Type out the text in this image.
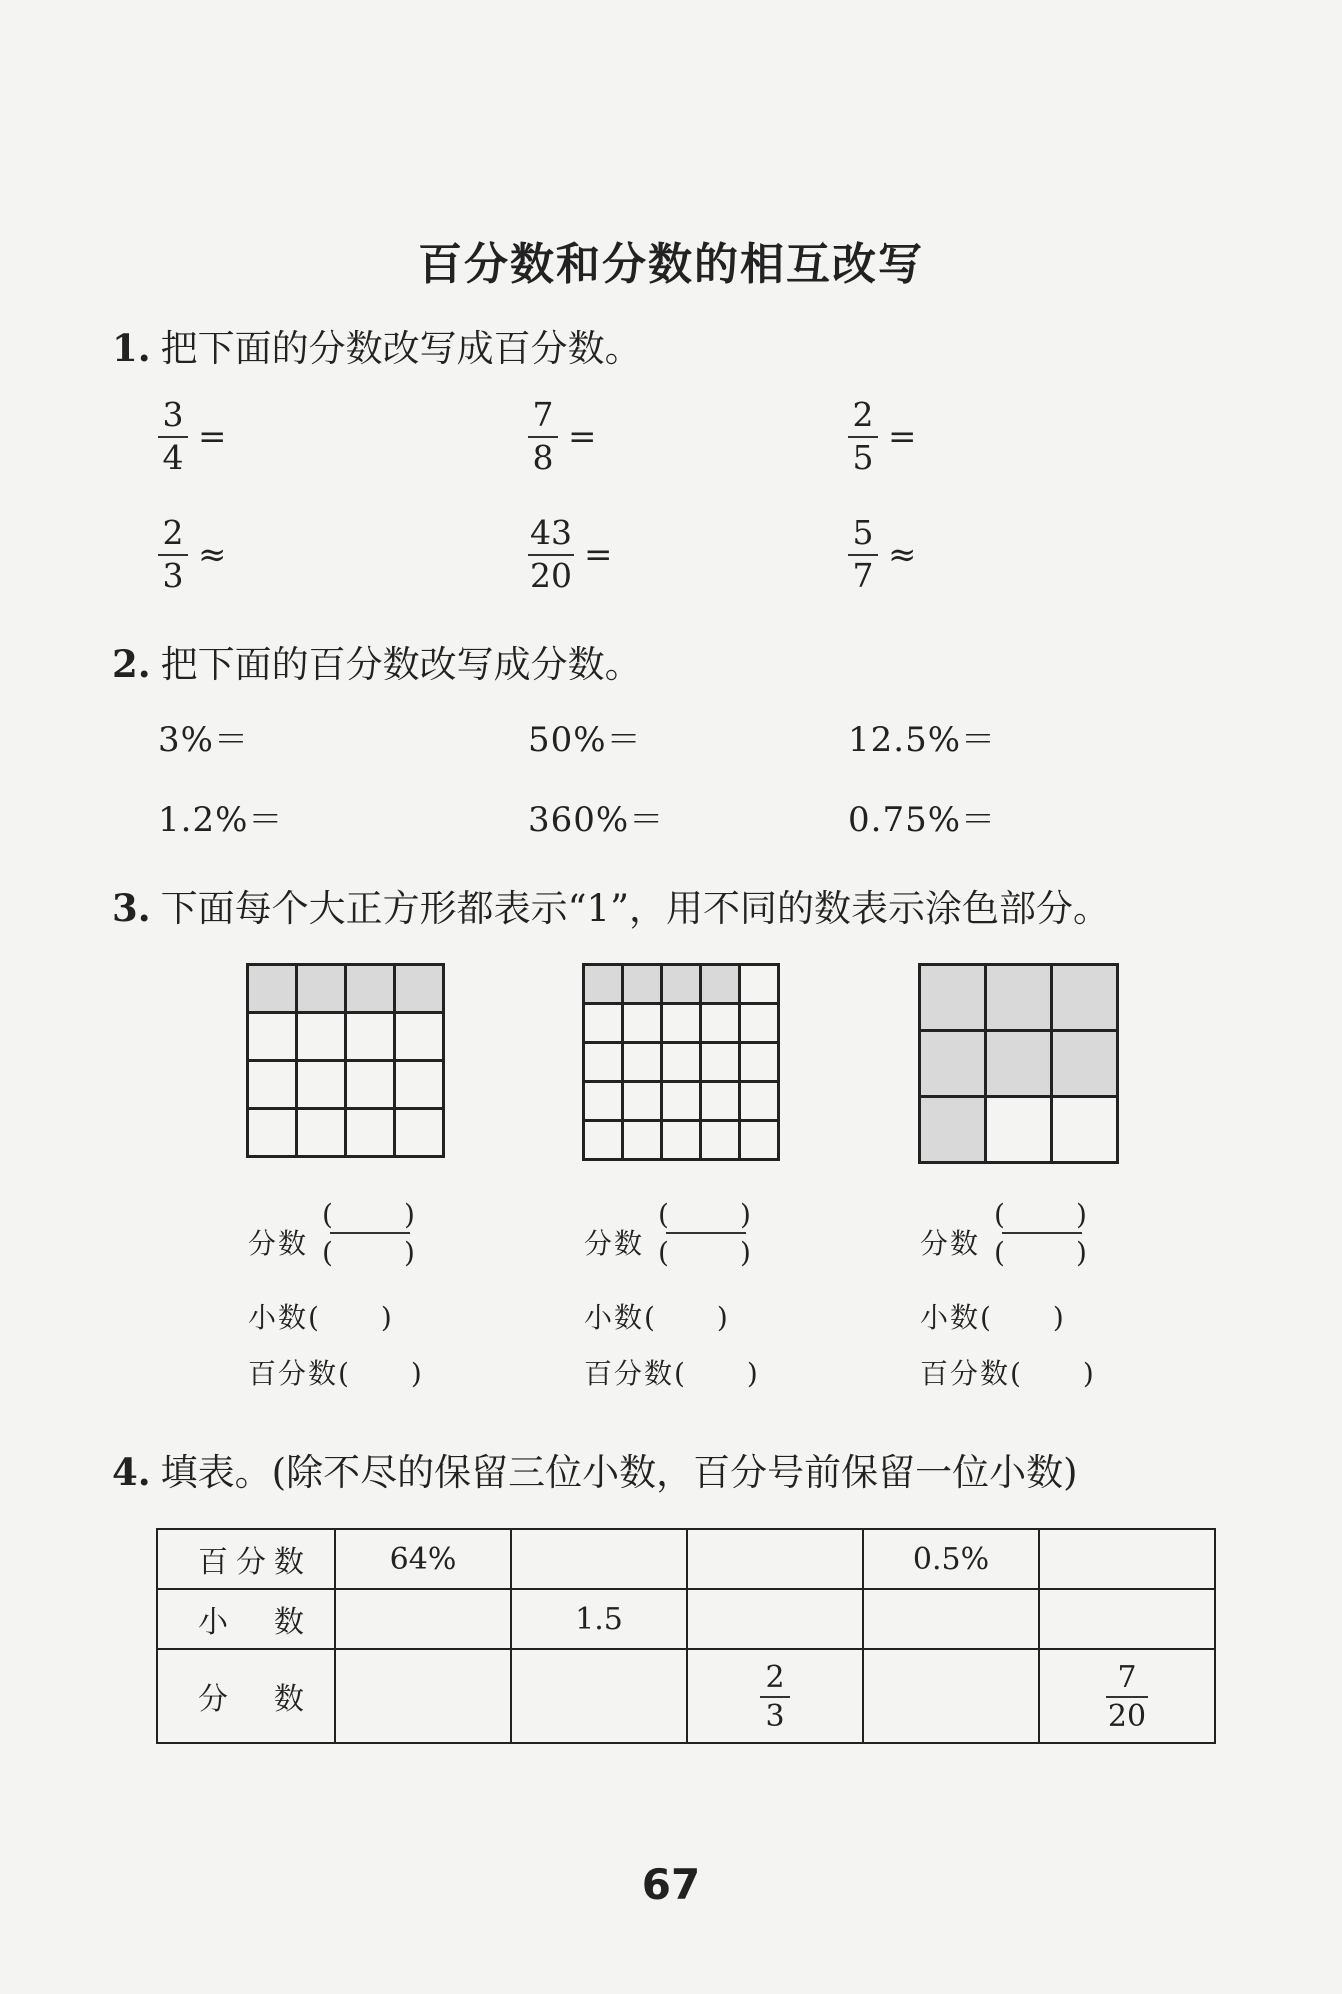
百分数和分数的相互改写
1. 把下面的分数改写成百分数。
$\frac{3}{4}$ =	$\frac{7}{8}$ =	$\frac{2}{5}$ =
$\frac{2}{3}$ ≈	$\frac{43}{20}$ =	$\frac{5}{7}$ ≈
2. 把下面的百分数改写成分数。
3%＝	50%＝	12.5%＝
1.2%＝	360%＝	0.75%＝
3. 下面每个大正方形都表示“1”，用不同的数表示涂色部分。

分数
(	)
(	)
小数(　　)
百分数(　　)
分数
(	)
(	)
小数(　　)
百分数(　　)
分数
(	)
(	)
小数(　　)
百分数(　　)
4. 填表。(除不尽的保留三位小数，百分号前保留一位小数)
百分数	64%			0.5%	
小　数		1.5			
分　数			$\frac{2}{3}$		$\frac{7}{20}$
67
